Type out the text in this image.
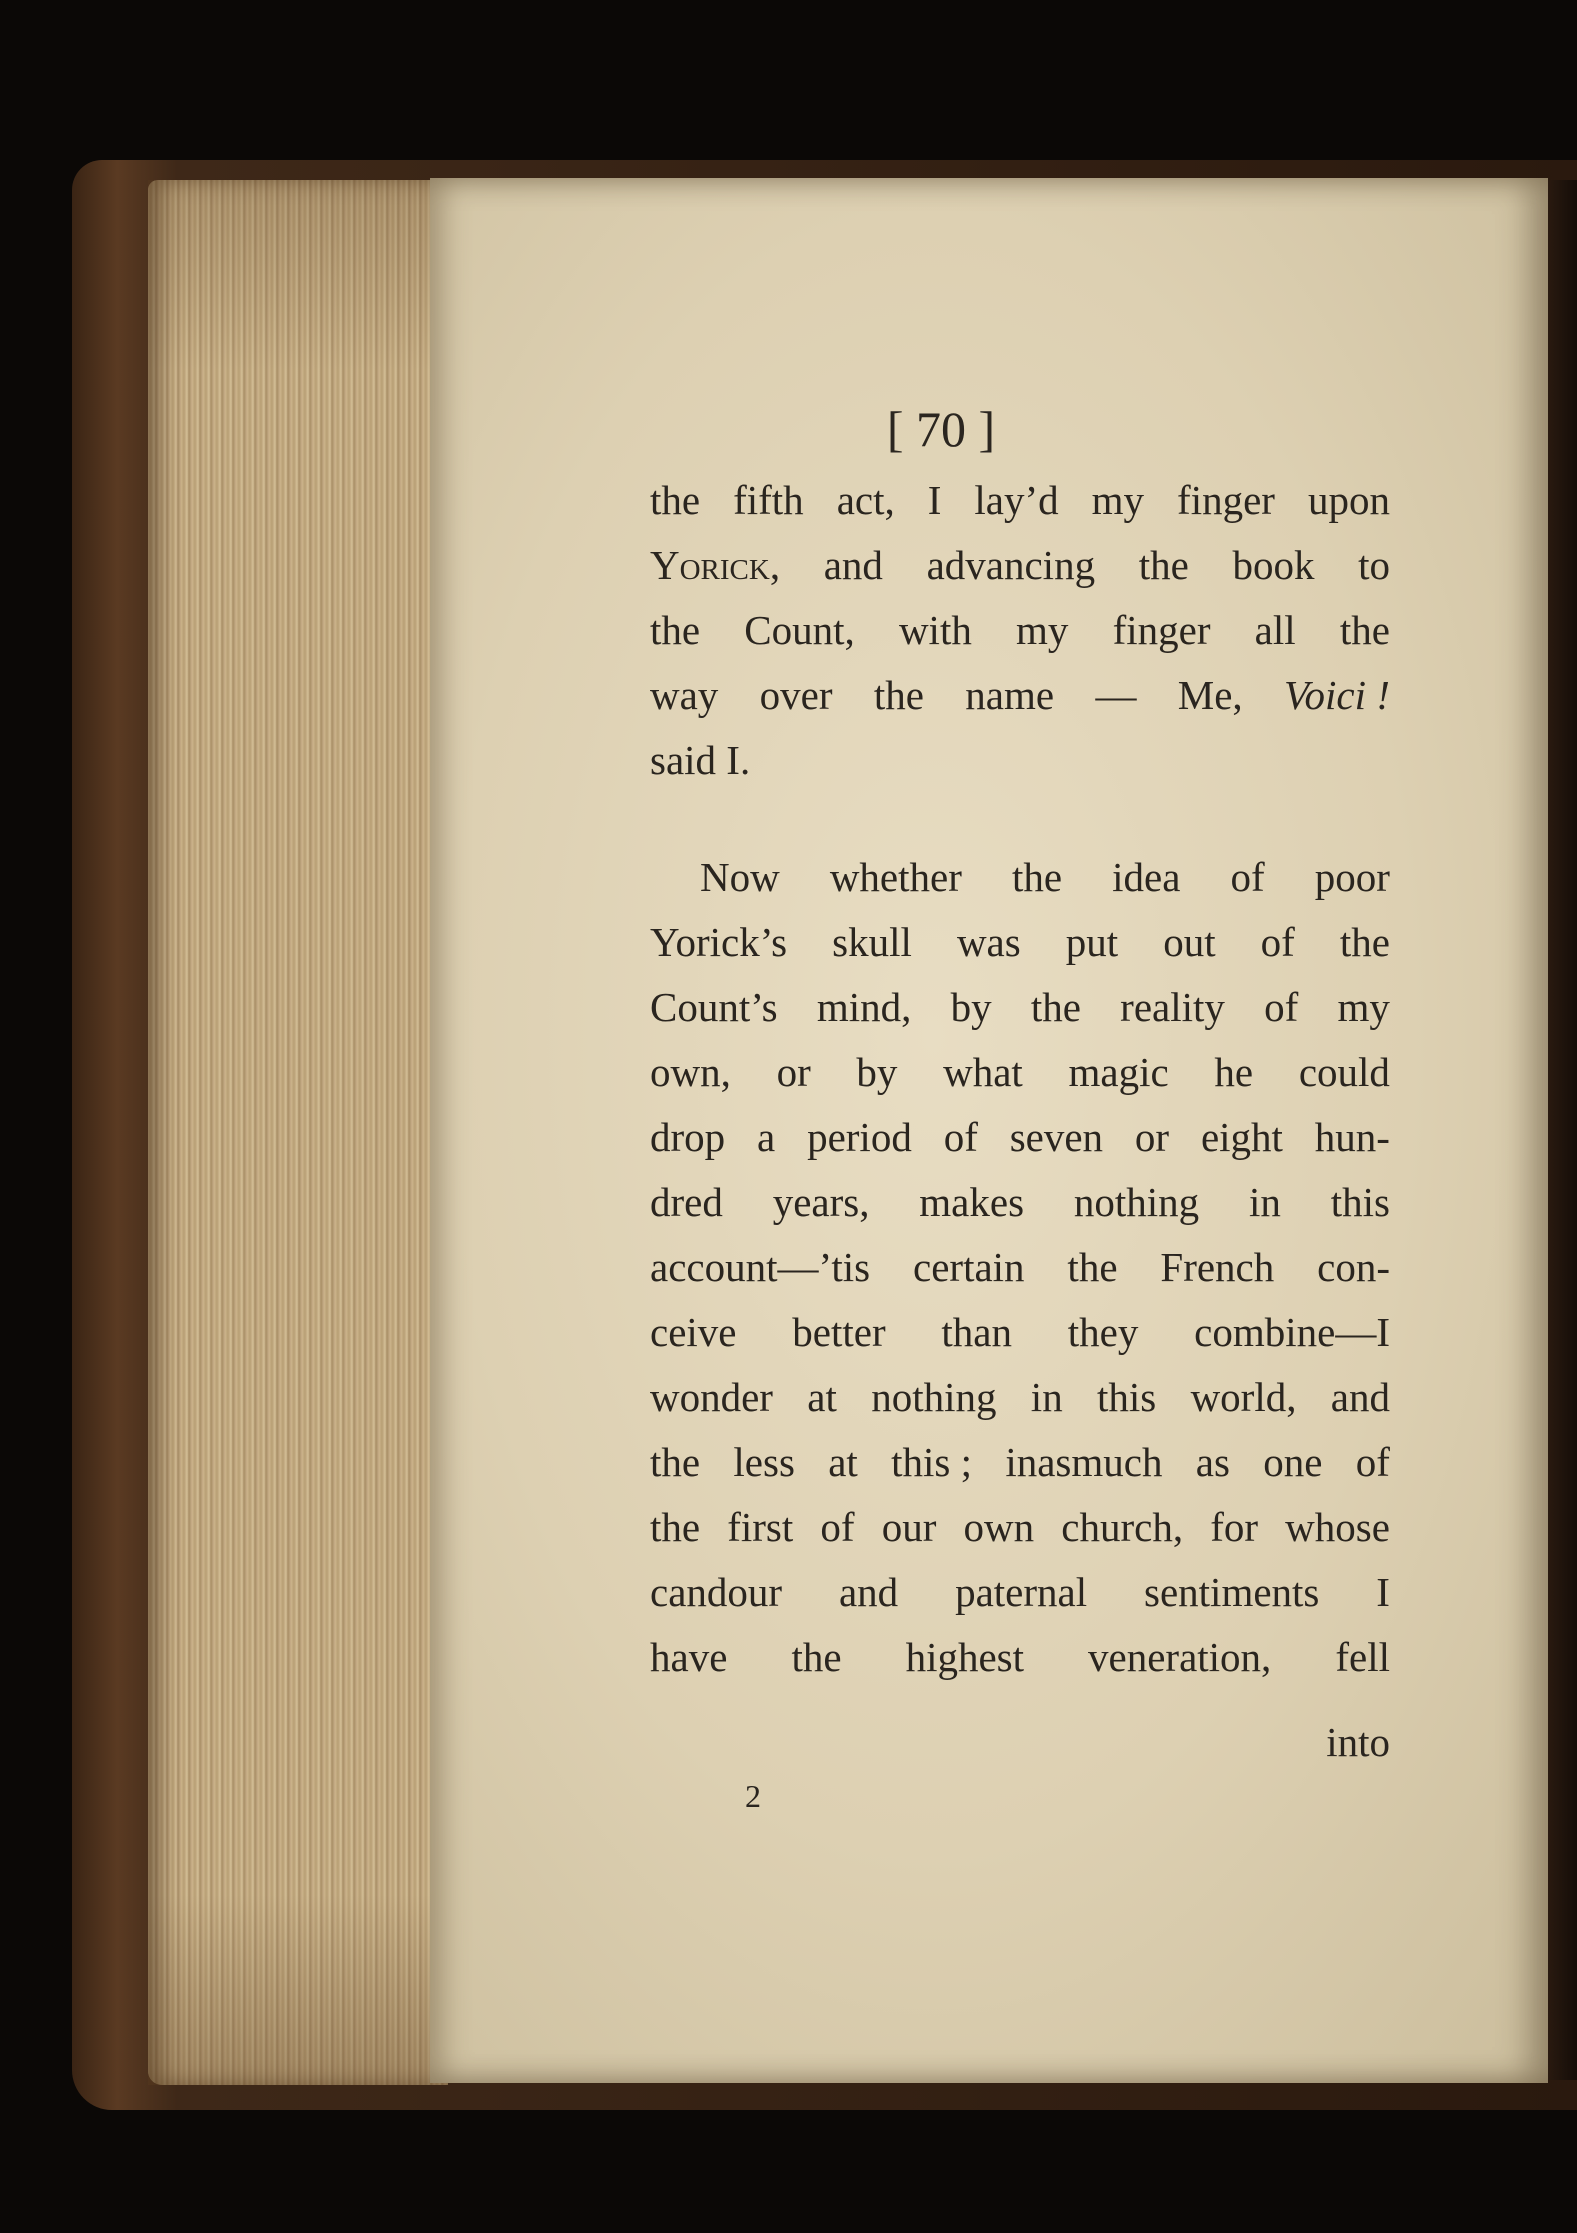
[ 70 ]
the fifth act, I lay’d my finger upon
Yorick, and advancing the book to
the Count, with my finger all the
way over the name — Me, Voici !
said I.
Now whether the idea of poor
Yorick’s skull was put out of the
Count’s mind, by the reality of my
own, or by what magic he could
drop a period of seven or eight hun-
dred years, makes nothing in this
account—’tis certain the French con-
ceive better than they combine—I
wonder at nothing in this world, and
the less at this ; inasmuch as one of
the first of our own church, for whose
candour and paternal sentiments I
have the highest veneration, fell
into
2
